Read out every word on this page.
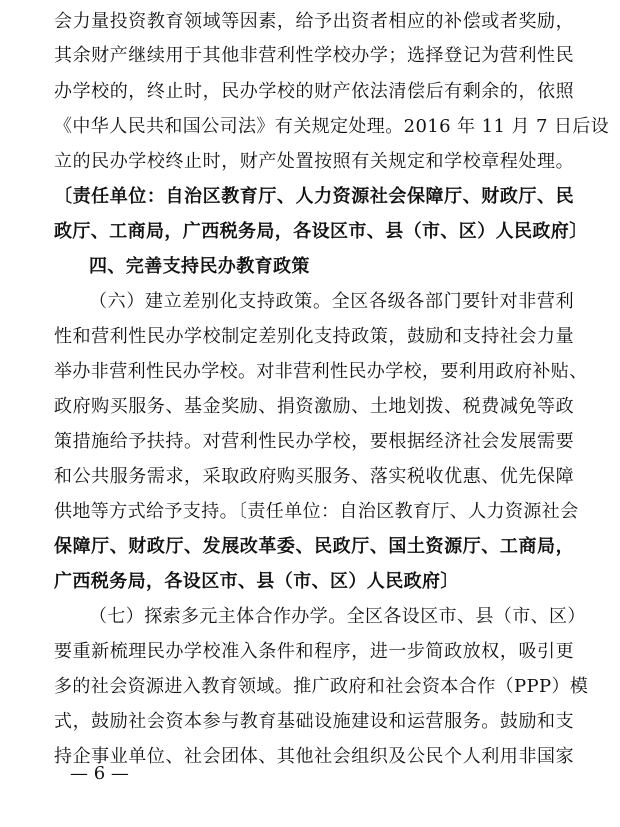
会力量投资教育领域等因素，给予出资者相应的补偿或者奖励，
其余财产继续用于其他非营利性学校办学；选择登记为营利性民
办学校的，终止时，民办学校的财产依法清偿后有剩余的，依照
《中华人民共和国公司法》有关规定处理。2016 年 11 月 7 日后设
立的民办学校终止时，财产处置按照有关规定和学校章程处理。
〔责任单位：自治区教育厅、人力资源社会保障厅、财政厅、民
政厅、工商局，广西税务局，各设区市、县（市、区）人民政府〕
四、完善支持民办教育政策
（六）建立差别化支持政策。全区各级各部门要针对非营利
性和营利性民办学校制定差别化支持政策，鼓励和支持社会力量
举办非营利性民办学校。对非营利性民办学校，要利用政府补贴、
政府购买服务、基金奖励、捐资激励、土地划拨、税费减免等政
策措施给予扶持。对营利性民办学校，要根据经济社会发展需要
和公共服务需求，采取政府购买服务、落实税收优惠、优先保障
供地等方式给予支持。〔责任单位：自治区教育厅、人力资源社会
保障厅、财政厅、发展改革委、民政厅、国土资源厅、工商局，
广西税务局，各设区市、县（市、区）人民政府〕
（七）探索多元主体合作办学。全区各设区市、县（市、区）
要重新梳理民办学校准入条件和程序，进一步简政放权，吸引更
多的社会资源进入教育领域。推广政府和社会资本合作（PPP）模
式，鼓励社会资本参与教育基础设施建设和运营服务。鼓励和支
持企事业单位、社会团体、其他社会组织及公民个人利用非国家
— 6 —
